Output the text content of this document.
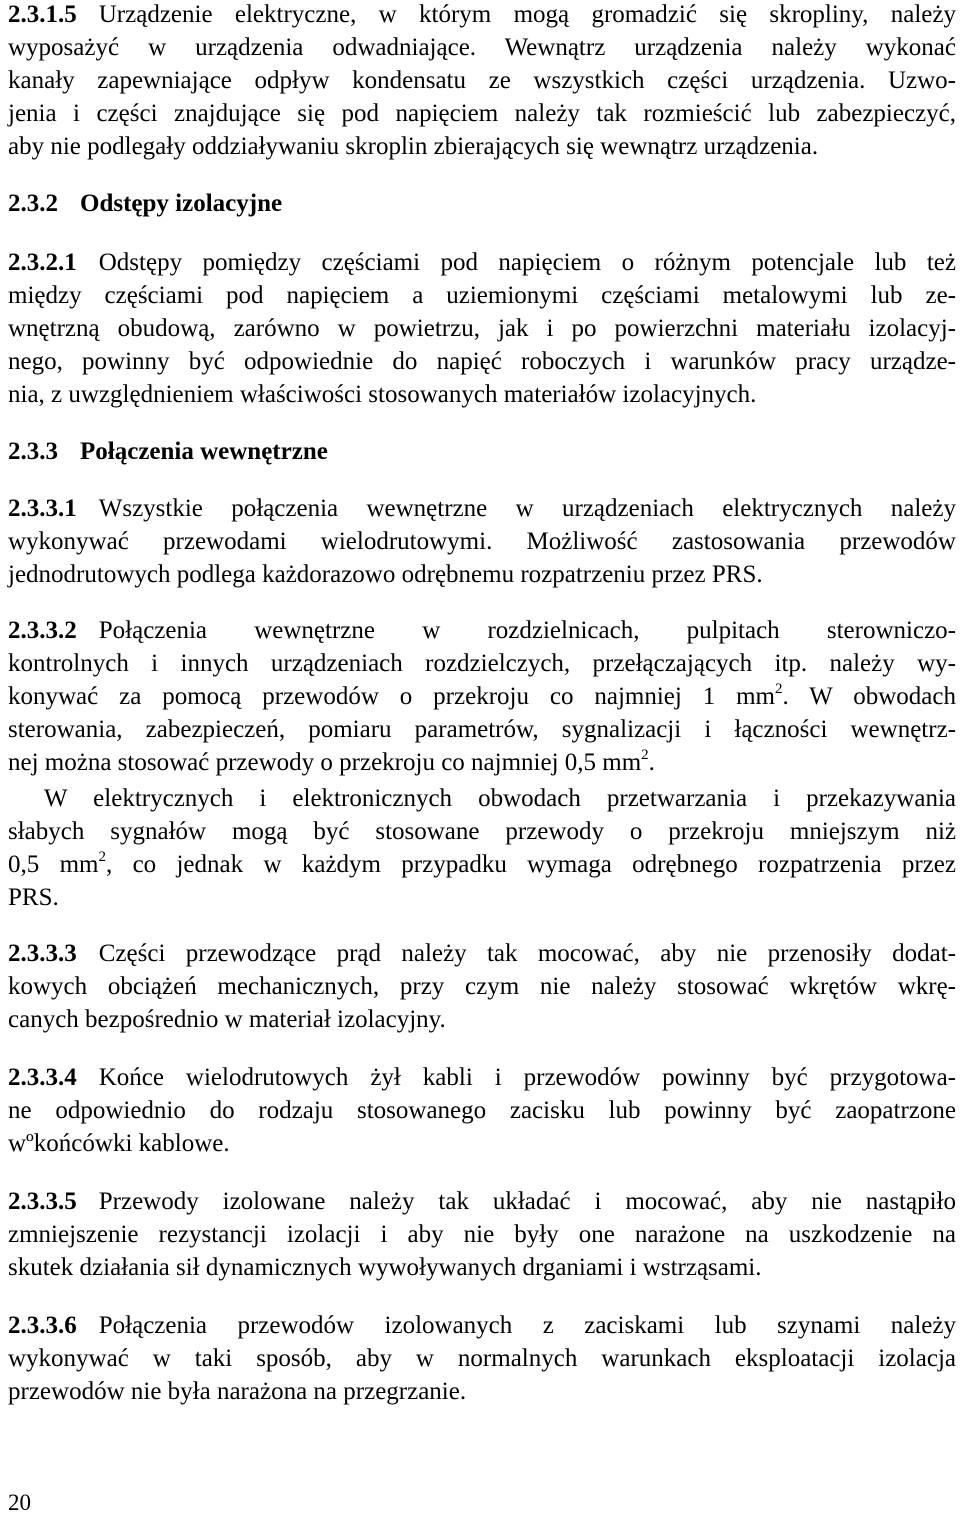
2.3.1.5 Urządzenie elektryczne, w którym mogą gromadzić się skropliny, należy
wyposażyć w urządzenia odwadniające. Wewnątrz urządzenia należy wykonać
kanały zapewniające odpływ kondensatu ze wszystkich części urządzenia. Uzwo-
jenia i części znajdujące się pod napięciem należy tak rozmieścić lub zabezpieczyć,
aby nie podlegały oddziaływaniu skroplin zbierających się wewnątrz urządzenia.
2.3.2 Odstępy izolacyjne
2.3.2.1 Odstępy pomiędzy częściami pod napięciem o różnym potencjale lub też
między częściami pod napięciem a uziemionymi częściami metalowymi lub ze-
wnętrzną obudową, zarówno w powietrzu, jak i po powierzchni materiału izolacyj-
nego, powinny być odpowiednie do napięć roboczych i warunków pracy urządze-
nia, z uwzględnieniem właściwości stosowanych materiałów izolacyjnych.
2.3.3 Połączenia wewnętrzne
2.3.3.1 Wszystkie połączenia wewnętrzne w urządzeniach elektrycznych należy
wykonywać przewodami wielodrutowymi. Możliwość zastosowania przewodów
jednodrutowych podlega każdorazowo odrębnemu rozpatrzeniu przez PRS.
2.3.3.2 Połączenia wewnętrzne w rozdzielnicach, pulpitach sterowniczo-
kontrolnych i innych urządzeniach rozdzielczych, przełączających itp. należy wy-
konywać za pomocą przewodów o przekroju co najmniej 1 $mm^2$. W obwodach
sterowania, zabezpieczeń, pomiaru parametrów, sygnalizacji i łączności wewnętrz-
nej można stosować przewody o przekroju co najmniej 0,5 $mm^2$.
W elektrycznych i elektronicznych obwodach przetwarzania i przekazywania
słabych sygnałów mogą być stosowane przewody o przekroju mniejszym niż
0,5 $mm^2$, co jednak w każdym przypadku wymaga odrębnego rozpatrzenia przez
PRS.
2.3.3.3 Części przewodzące prąd należy tak mocować, aby nie przenosiły dodat-
kowych obciążeń mechanicznych, przy czym nie należy stosować wkrętów wkrę-
canych bezpośrednio w materiał izolacyjny.
2.3.3.4 Końce wielodrutowych żył kabli i przewodów powinny być przygotowa-
ne odpowiednio do rodzaju stosowanego zacisku lub powinny być zaopatrzone
wºkońcówki kablowe.
2.3.3.5 Przewody izolowane należy tak układać i mocować, aby nie nastąpiło
zmniejszenie rezystancji izolacji i aby nie były one narażone na uszkodzenie na
skutek działania sił dynamicznych wywoływanych drganiami i wstrząsami.
2.3.3.6 Połączenia przewodów izolowanych z zaciskami lub szynami należy
wykonywać w taki sposób, aby w normalnych warunkach eksploatacji izolacja
przewodów nie była narażona na przegrzanie.
20
